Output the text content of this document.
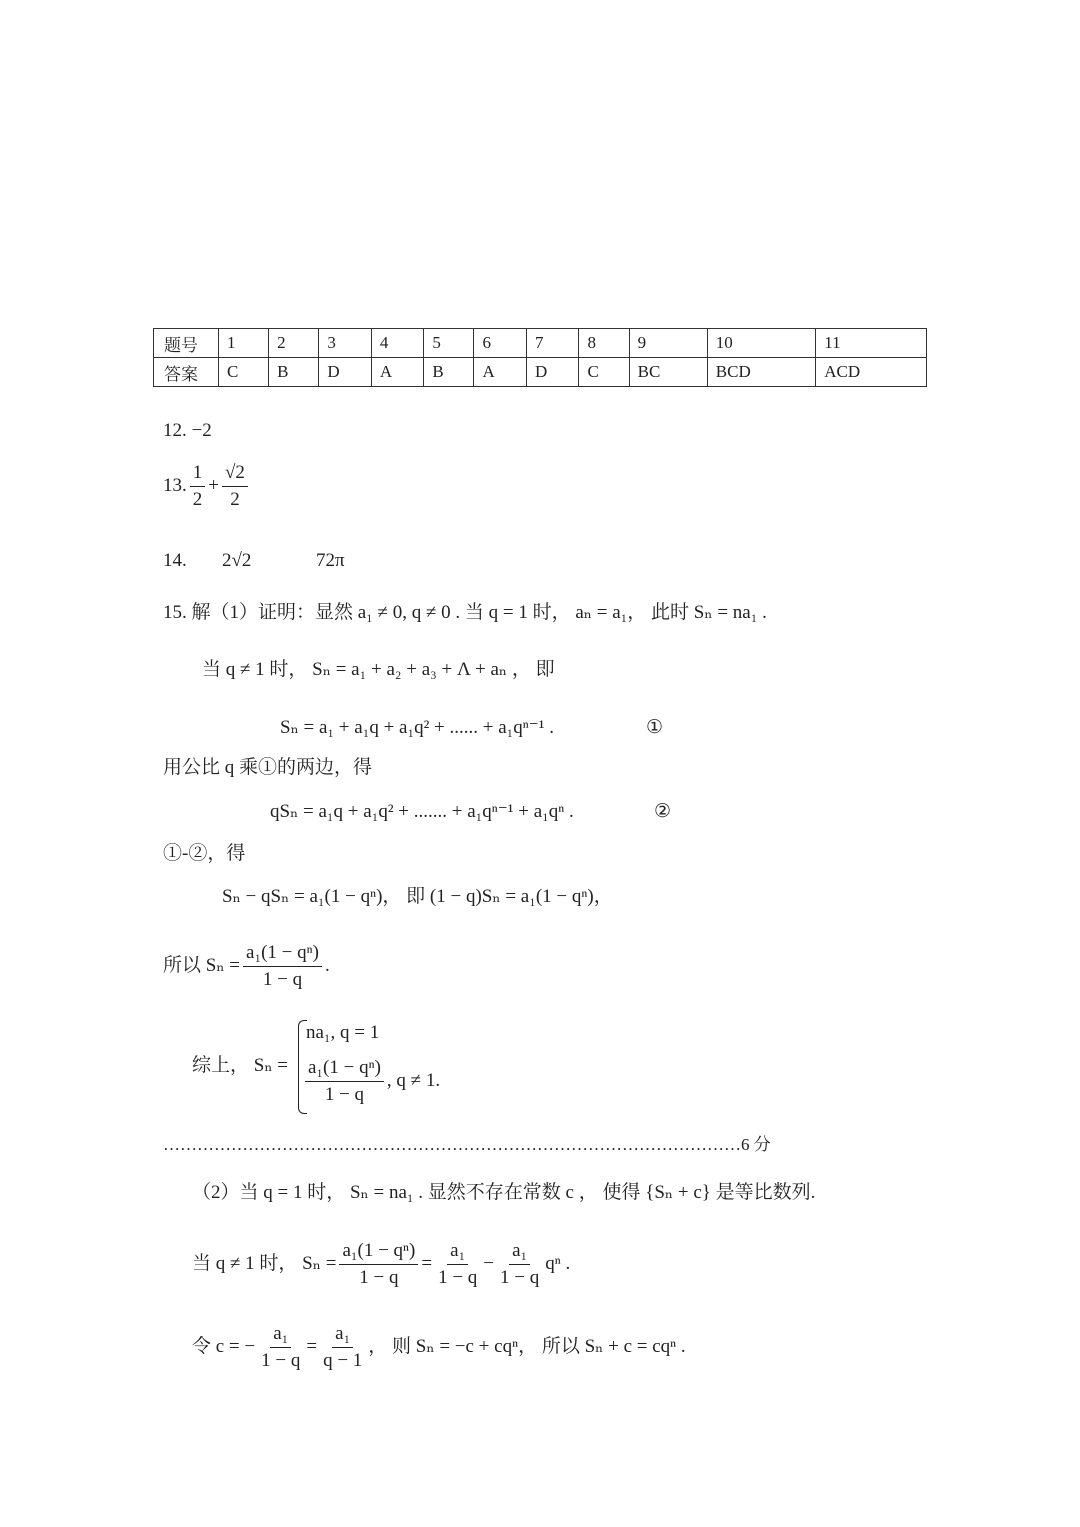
题号	1	2	3	4	5	6	7	8	9	10	11
答案	C	B	D	A	B	A	D	C	BC	BCD	ACD
12. −2
13. $\frac{1}{2} + \frac{√2}{2}$
14. 2√2	72π
15. 解（1）证明：显然 a₁ ≠ 0, q ≠ 0 . 当 q = 1 时， aₙ = a₁， 此时 Sₙ = na₁ .
当 q ≠ 1 时， Sₙ = a₁ + a₂ + a₃ + Λ + aₙ ， 即
Sₙ = a₁ + a₁q + a₁q² + ...... + a₁qⁿ⁻¹ .	①
用公比 q 乘①的两边，得
qSₙ = a₁q + a₁q² + ....... + a₁qⁿ⁻¹ + a₁qⁿ .	②
①-②，得
Sₙ − qSₙ = a₁(1 − qⁿ)， 即 (1 − q)Sₙ = a₁(1 − qⁿ)，
所以 $S_n = \frac{\text{a₁(1 − qⁿ)}}{1 - q}$ .
综上， Sₙ =
na₁, q = 1
$\frac{\text{a₁(1 − qⁿ)}}{1 - q}$ , q ≠ 1.
…………………………………………………………………………………………6 分
（2）当 q = 1 时， Sₙ = na₁ . 显然不存在常数 c ， 使得 {Sₙ + c} 是等比数列.
当 q ≠ 1 时， $S_n = \frac{\text{a₁(1 − qⁿ)}}{1 - q} = \frac{\text{a₁}}{1 - q} - \frac{\text{a₁}}{1 - q}$ qⁿ .
令 c = − $\frac{\text{a₁}}{1 - q} = \frac{\text{a₁}}{q - 1}$ ， 则 Sₙ = −c + cqⁿ， 所以 Sₙ + c = cqⁿ .
